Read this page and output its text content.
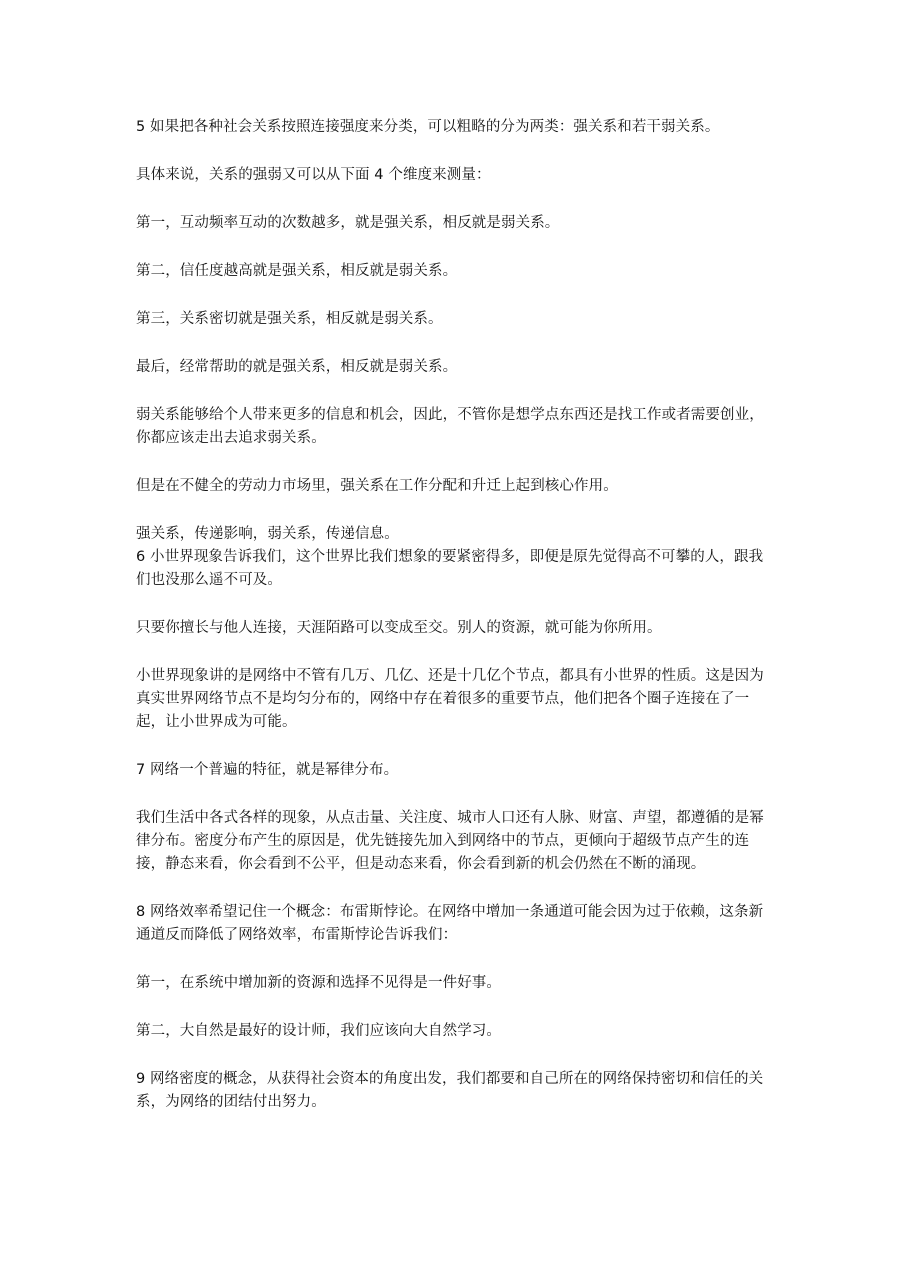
5 如果把各种社会关系按照连接强度来分类，可以粗略的分为两类：强关系和若干弱关系。

具体来说，关系的强弱又可以从下面 4 个维度来测量：

第一，互动频率互动的次数越多，就是强关系，相反就是弱关系。

第二，信任度越高就是强关系，相反就是弱关系。

第三，关系密切就是强关系，相反就是弱关系。

最后，经常帮助的就是强关系，相反就是弱关系。

弱关系能够给个人带来更多的信息和机会，因此，不管你是想学点东西还是找工作或者需要创业，你都应该走出去追求弱关系。

但是在不健全的劳动力市场里，强关系在工作分配和升迁上起到核心作用。

强关系，传递影响，弱关系，传递信息。

6 小世界现象告诉我们，这个世界比我们想象的要紧密得多，即便是原先觉得高不可攀的人，跟我们也没那么遥不可及。

只要你擅长与他人连接，天涯陌路可以变成至交。别人的资源，就可能为你所用。

小世界现象讲的是网络中不管有几万、几亿、还是十几亿个节点，都具有小世界的性质。这是因为真实世界网络节点不是均匀分布的，网络中存在着很多的重要节点，他们把各个圈子连接在了一起，让小世界成为可能。

7 网络一个普遍的特征，就是幂律分布。

我们生活中各式各样的现象，从点击量、关注度、城市人口还有人脉、财富、声望，都遵循的是幂律分布。密度分布产生的原因是，优先链接先加入到网络中的节点，更倾向于超级节点产生的连接，静态来看，你会看到不公平，但是动态来看，你会看到新的机会仍然在不断的涌现。

8 网络效率希望记住一个概念：布雷斯悖论。在网络中增加一条通道可能会因为过于依赖，这条新通道反而降低了网络效率，布雷斯悖论告诉我们：

第一，在系统中增加新的资源和选择不见得是一件好事。

第二，大自然是最好的设计师，我们应该向大自然学习。

9 网络密度的概念，从获得社会资本的角度出发，我们都要和自己所在的网络保持密切和信任的关系，为网络的团结付出努力。
